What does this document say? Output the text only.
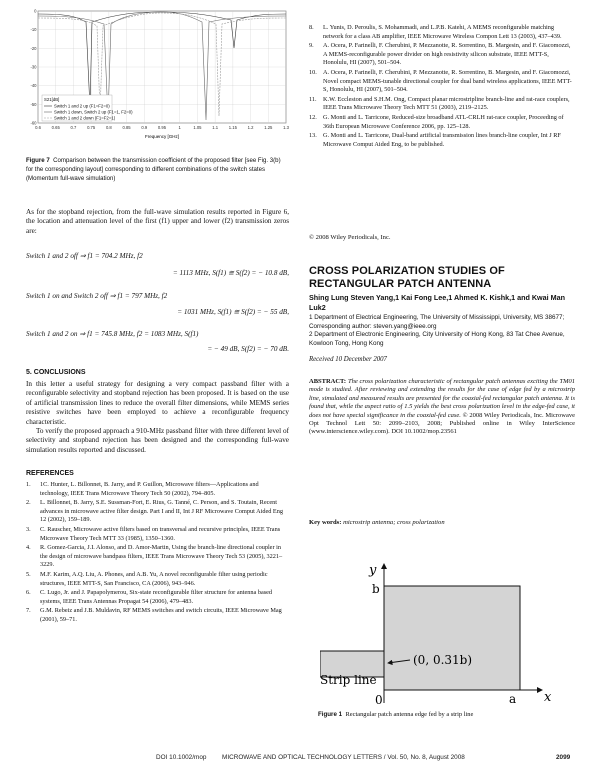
0
-10
-20
-30
-40
-50
-60
0.6	0.65	0.7	0.75	0.8	0.85	0.9	0.95	1	1.05	1.1	1.15	1.2	1.25	1.3
S21[dB]
Switch 1 and 2 up (F1=F2=0)
Switch 1 down, Switch 2 up (F1=1, F2=0)
Switch 1 and 2 down (F1=F2=1)
Frequency [GHz]
Figure 7 Comparison between the transmission coefficient of the proposed filter [see Fig. 3(b) for the corresponding layout] corresponding to different combinations of the switch states (Momentum full-wave simulation)

As for the stopband rejection, from the full-wave simulation results reported in Figure 6, the location and attenuation level of the first (f1) upper and lower (f2) transmission zeros are:

Switch 1 and 2 off ⇒ f1 = 704.2 MHz, f2
= 1113 MHz, S(f1) ≅ S(f2) = − 10.8 dB,
Switch 1 on and Switch 2 off ⇒ f1 = 797 MHz, f2
= 1031 MHz, S(f1) ≅ S(f2) = − 55 dB,
Switch 1 and 2 on ⇒ f1 = 745.8 MHz, f2 = 1083 MHz, S(f1)
= − 49 dB, S(f2) = − 70 dB.
5. CONCLUSIONS

In this letter a useful strategy for designing a very compact passband filter with a reconfigurable selectivity and stopband rejection has been proposed. It is based on the use of artificial transmission lines to reduce the overall filter dimensions, while MEMS series resistive switches have been employed to achieve a reconfigurable frequency characteristic.

To verify the proposed approach a 910-MHz passband filter with three different level of selectivity and stopband rejection has been designed and the corresponding full-wave simulation results reported and discussed.

REFERENCES

1. 1C. Hunter, L. Billonnet, B. Jarry, and P. Guillon, Microwave filters—Applications and technology, IEEE Trans Microwave Theory Tech 50 (2002), 794–805.

2. L. Billonnet, B. Jarry, S.E. Sussman-Fort, E. Rius, G. Tanné, C. Person, and S. Toutain, Recent advances in microwave active filter design. Part I and II, Int J RF Microwave Comput Aided Eng 12 (2002), 159–189.

3. C. Rauscher, Microwave active filters based on transversal and recursive principles, IEEE Trans Microwave Theory Tech MTT 33 (1985), 1350–1360.

4. R. Gomez-Garcia, J.I. Alonso, and D. Amor-Martin, Using the branch-line directional coupler in the design of microwave bandpass filters, IEEE Trans Microwave Theory Tech 53 (2005), 3221–3229.

5. M.F. Karim, A.Q. Liu, A. Phones, and A.B. Yu, A novel reconfigurable filter using periodic structures, IEEE MTT-S, San Francisco, CA (2006), 943–946.

6. C. Lugo, Jr. and J. Papapolymerou, Six-state reconfigurable filter structure for antenna based systems, IEEE Trans Antennas Propagat 54 (2006), 479–483.

7. G.M. Rebeiz and J.B. Muldavin, RF MEMS switches and switch circuits, IEEE Microwave Mag (2001), 59–71.

8. L. Yunis, D. Peroulis, S. Mohammadi, and L.P.B. Katehi, A MEMS reconfigurable matching network for a class AB amplifier, IEEE Microwave Wireless Compon Lett 13 (2003), 437–439.

9. A. Ocera, P. Farinelli, F. Cherubini, P. Mezzanotte, R. Sorrentino, B. Margesin, and F. Giacomozzi, A MEMS-reconfigurable power divider on high resistivity silicon substrate, IEEE MTT-S, Honolulu, HI (2007), 501–504.

10. A. Ocera, P. Farinelli, F. Cherubini, P. Mezzanotte, R. Sorrentino, B. Margesin, and F. Giacomozzi, Novel compact MEMS-tunable directional coupler for dual band wireless applications, IEEE MTT-S, Honolulu, HI (2007), 501–504.

11. K.W. Eccleston and S.H.M. Ong, Compact planar microstripline branch-line and rat-race couplers, IEEE Trans Microwave Theory Tech MTT 51 (2003), 2119–2125.

12. G. Monti and L. Tarricone, Reduced-size broadband ATL-CRLH rat-race coupler, Proceeding of 36th European Microwave Conference 2006, pp. 125–128.

13. G. Monti and L. Tarricone, Dual-band artificial transmission lines branch-line coupler, Int J RF Microwave Comput Aided Eng, to be published.

© 2008 Wiley Periodicals, Inc.
CROSS POLARIZATION STUDIES OF RECTANGULAR PATCH ANTENNA
Shing Lung Steven Yang,1 Kai Fong Lee,1 Ahmed K. Kishk,1 and Kwai Man Luk2
1 Department of Electrical Engineering, The University of Mississippi, University, MS 38677; Corresponding author: steven.yang@ieee.org
2 Department of Electronic Engineering, City University of Hong Kong, 83 Tat Chee Avenue, Kowloon Tong, Hong Kong
Received 10 December 2007
ABSTRACT: The cross polarization characteristic of rectangular patch antennas exciting the TM01 mode is studied. After reviewing and extending the results for the case of edge fed by a microstrip line, simulated and measured results are presented for the coaxial-fed rectangular patch antenna. It is found that, while the aspect ratio of 1.5 yields the best cross polarization level in the edge-fed case, it does not have special significance in the coaxial-fed case. © 2008 Wiley Periodicals, Inc. Microwave Opt Technol Lett 50: 2099–2103, 2008; Published online in Wiley InterScience (www.interscience.wiley.com). DOI 10.1002/mop.23561
Key words: microstrip antenna; cross polarization
y
x
b
a
0
(0, 0.31b)
Strip line
Figure 1 Rectangular patch antenna edge fed by a strip line
DOI 10.1002/mop MICROWAVE AND OPTICAL TECHNOLOGY LETTERS / Vol. 50, No. 8, August 2008	2099
